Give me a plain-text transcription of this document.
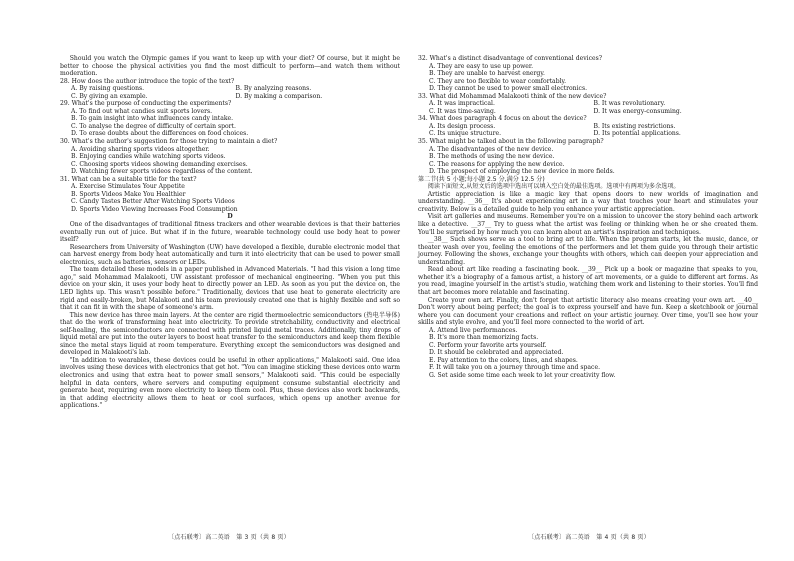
Should you watch the Olympic games if you want to keep up with your diet? Of course, but it might be better to choose the physical activities you find the most difficult to perform—and watch them without moderation.

28. How does the author introduce the topic of the text?

A. By raising questions.	B. By analyzing reasons.
C. By giving an example.	D. By making a comparison.

29. What's the purpose of conducting the experiments?

A. To find out what candies suit sports lovers.

B. To gain insight into what influences candy intake.

C. To analyse the degree of difficulty of certain sport.

D. To erase doubts about the differences on food choices.

30. What's the author's suggestion for those trying to maintain a diet?

A. Avoiding sharing sports videos altogether.

B. Enjoying candies while watching sports videos.

C. Choosing sports videos showing demanding exercises.

D. Watching fewer sports videos regardless of the content.

31. What can be a suitable title for the text?

A. Exercise Stimulates Your Appetite

B. Sports Videos Make You Healthier

C. Candy Tastes Better After Watching Sports Videos

D. Sports Video Viewing Increases Food Consumption

D

One of the disadvantages of traditional fitness trackers and other wearable devices is that their batteries eventually run out of juice. But what if in the future, wearable technology could use body heat to power itself?

Researchers from University of Washington (UW) have developed a flexible, durable electronic model that can harvest energy from body heat automatically and turn it into electricity that can be used to power small electronics, such as batteries, sensors or LEDs.

The team detailed these models in a paper published in Advanced Materials. "I had this vision a long time ago," said Mohammad Malakooti, UW assistant professor of mechanical engineering. "When you put this device on your skin, it uses your body heat to directly power an LED. As soon as you put the device on, the LED lights up. This wasn't possible before." Traditionally, devices that use heat to generate electricity are rigid and easily-broken, but Malakooti and his team previously created one that is highly flexible and soft so that it can fit in with the shape of someone's arm.

This new device has three main layers. At the center are rigid thermoelectric semiconductors (热电半导体) that do the work of transforming heat into electricity. To provide stretchability, conductivity and electrical self-healing, the semiconductors are connected with printed liquid metal traces. Additionally, tiny drops of liquid metal are put into the outer layers to boost heat transfer to the semiconductors and keep them flexible since the metal stays liquid at room temperature. Everything except the semiconductors was designed and developed in Malakooti's lab.

"In addition to wearables, these devices could be useful in other applications," Malakooti said. One idea involves using these devices with electronics that get hot. "You can imagine sticking these devices onto warm electronics and using that extra heat to power small sensors," Malakooti said. "This could be especially helpful in data centers, where servers and computing equipment consume substantial electricity and generate heat, requiring even more electricity to keep them cool. Plus, these devices also work backwards, in that adding electricity allows them to heat or cool surfaces, which opens up another avenue for applications."

32. What's a distinct disadvantage of conventional devices?

A. They are easy to use up power.

B. They are unable to harvest energy.

C. They are too flexible to wear comfortably.

D. They cannot be used to power small electronics.

33. What did Mohammad Malakooti think of the new device?

A. It was impractical.	B. It was revolutionary.
C. It was time-saving.	D. It was energy-consuming.

34. What does paragraph 4 focus on about the device?

A. Its design process.	B. Its existing restrictions.
C. Its unique structure.	D. Its potential applications.

35. What might be talked about in the following paragraph?

A. The disadvantages of the new device.

B. The methods of using the new device.

C. The reasons for applying the new device.

D. The prospect of employing the new device in more fields.

第二节(共 5 小题;每小题 2.5 分,满分 12.5 分)

阅读下面短文,从短文后的选项中选出可以填入空白处的最佳选项。选项中有两项为多余选项。

Artistic appreciation is like a magic key that opens doors to new worlds of imagination and understanding. __36__ It's about experiencing art in a way that touches your heart and stimulates your creativity. Below is a detailed guide to help you enhance your artistic appreciation.

Visit art galleries and museums. Remember you're on a mission to uncover the story behind each artwork like a detective. __37__ Try to guess what the artist was feeling or thinking when he or she created them. You'll be surprised by how much you can learn about an artist's inspiration and techniques.

__38__ Such shows serve as a tool to bring art to life. When the program starts, let the music, dance, or theater wash over you, feeling the emotions of the performers and let them guide you through their artistic journey. Following the shows, exchange your thoughts with others, which can deepen your appreciation and understanding.

Read about art like reading a fascinating book. __39__ Pick up a book or magazine that speaks to you, whether it's a biography of a famous artist, a history of art movements, or a guide to different art forms. As you read, imagine yourself in the artist's studio, watching them work and listening to their stories. You'll find that art becomes more relatable and fascinating.

Create your own art. Finally, don't forget that artistic literacy also means creating your own art. __40__ Don't worry about being perfect; the goal is to express yourself and have fun. Keep a sketchbook or journal where you can document your creations and reflect on your artistic journey. Over time, you'll see how your skills and style evolve, and you'll feel more connected to the world of art.

A. Attend live performances.

B. It's more than memorizing facts.

C. Perform your favorite arts yourself.

D. It should be celebrated and appreciated.

E. Pay attention to the colors, lines, and shapes.

F. It will take you on a journey through time and space.

G. Set aside some time each week to let your creativity flow.

〔点石联考〕高二英语　第 3 页（共 8 页）	〔点石联考〕高二英语　第 4 页（共 8 页）
